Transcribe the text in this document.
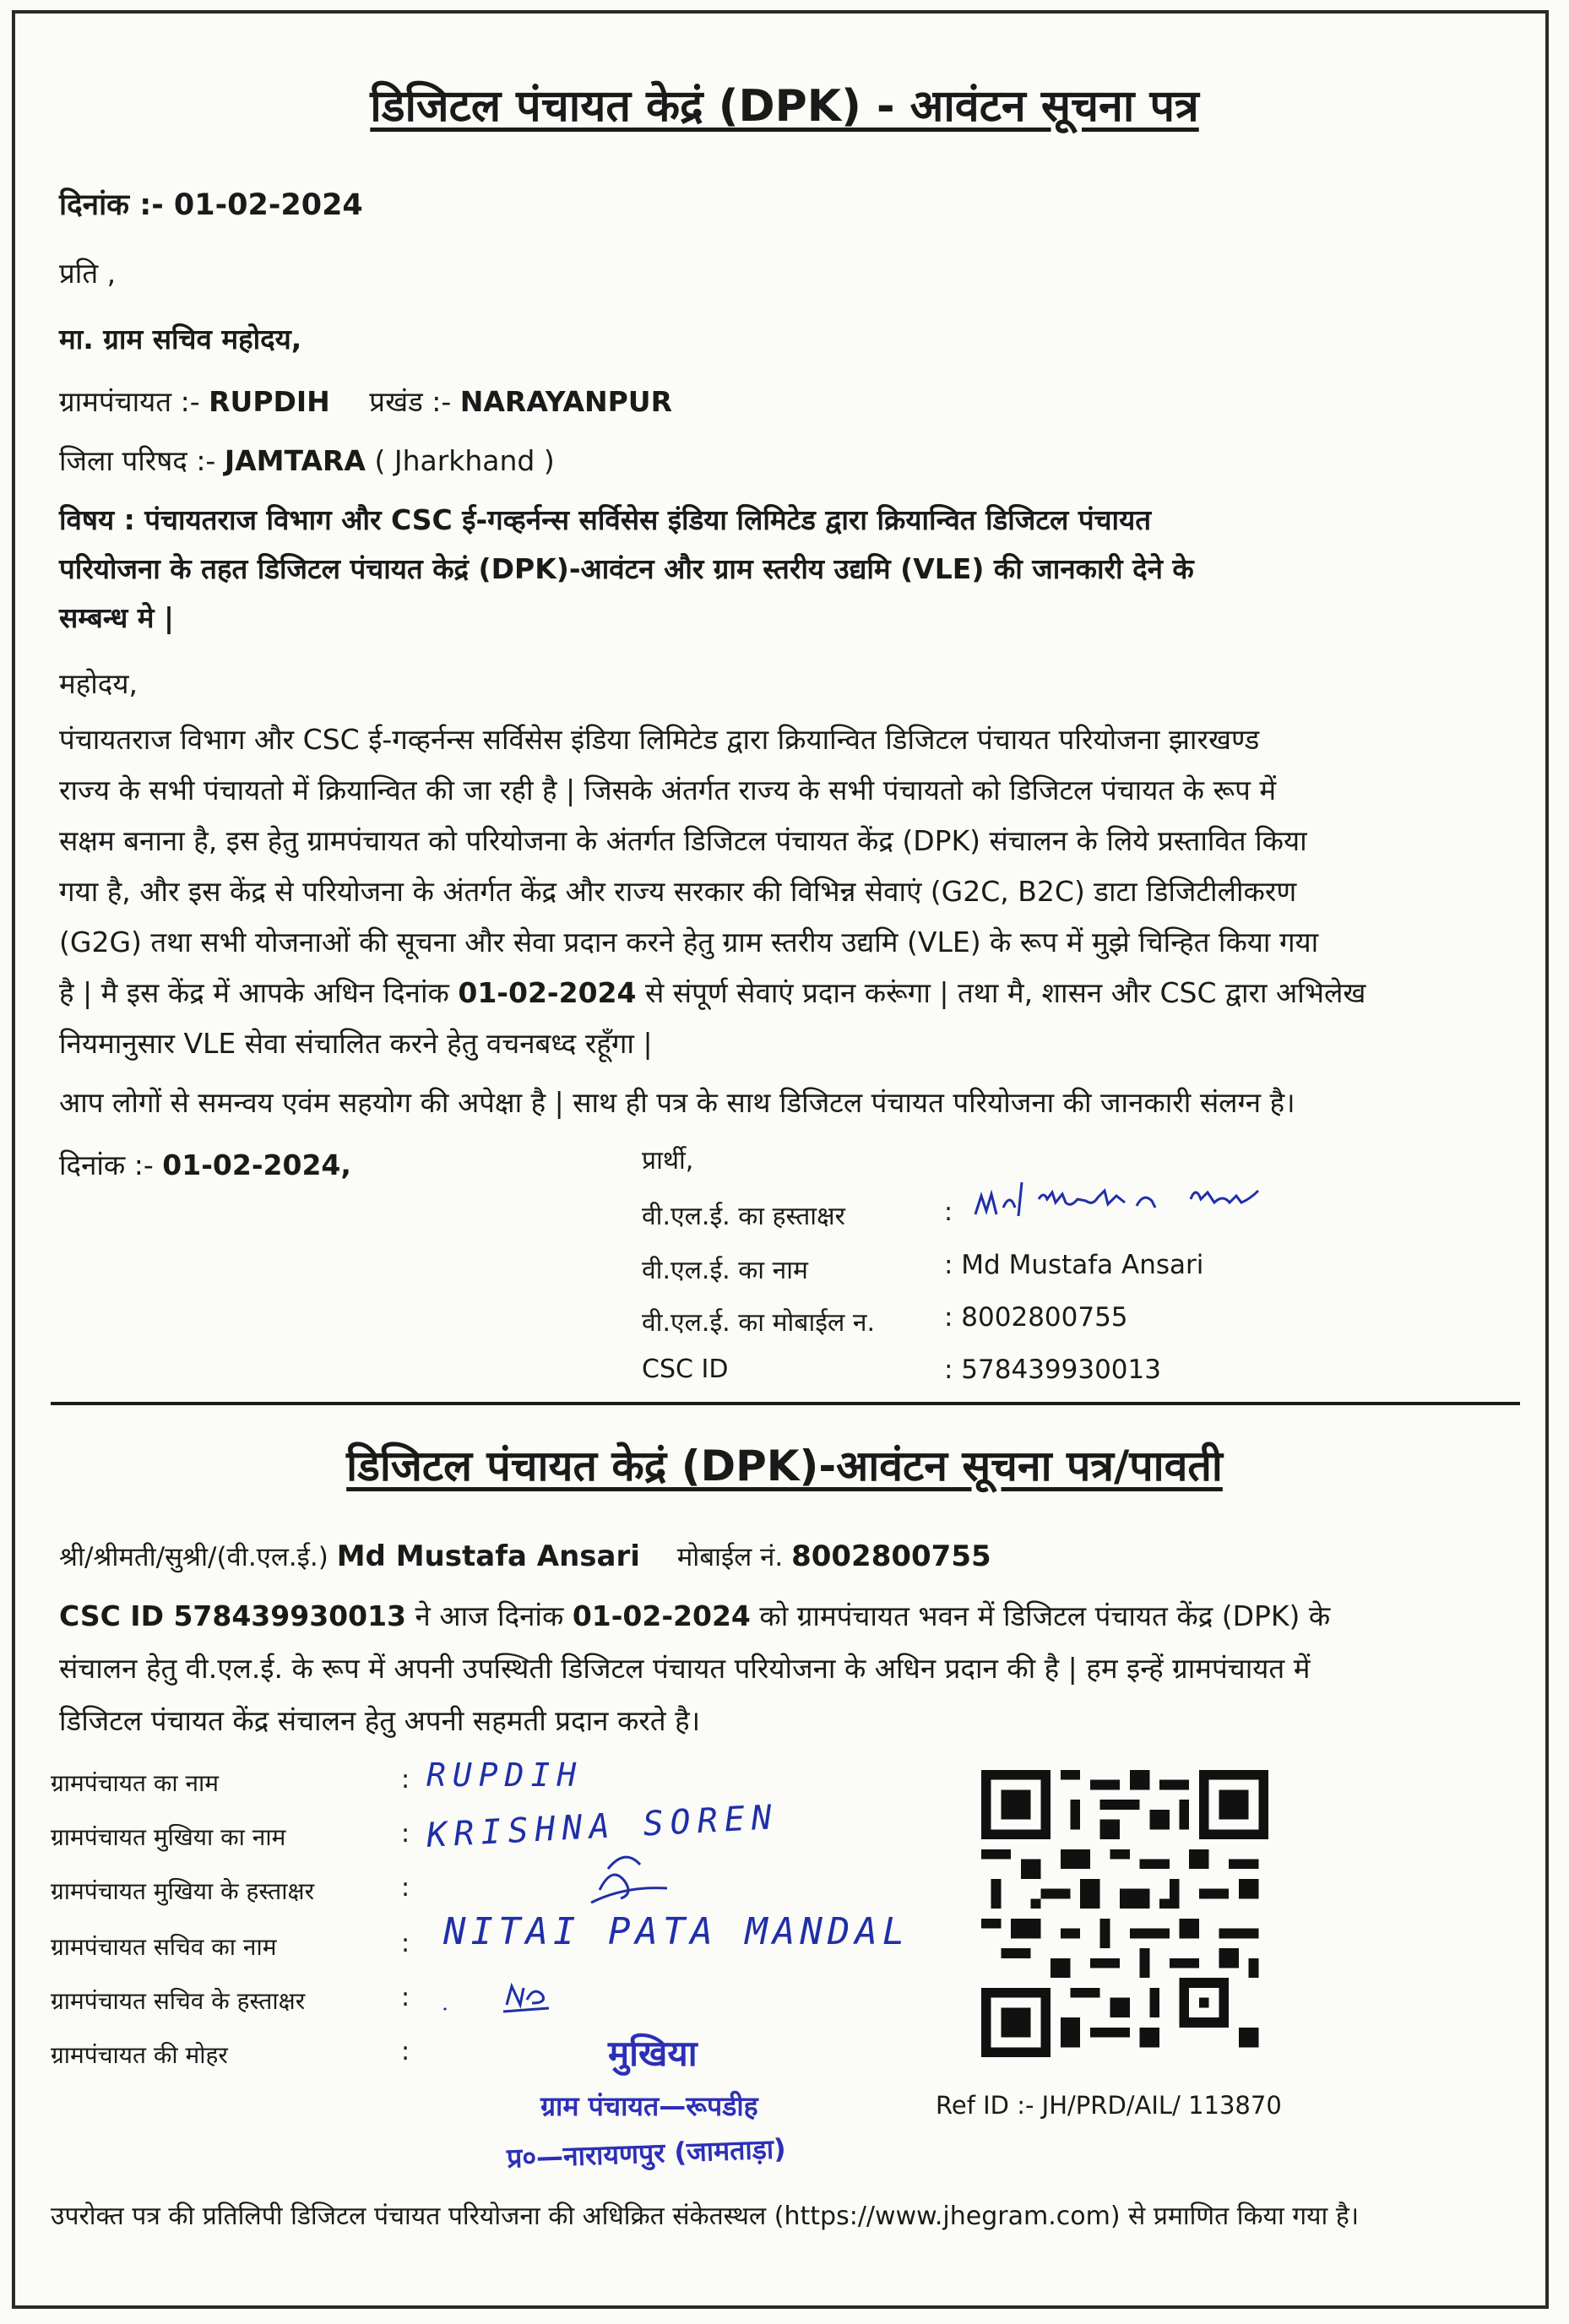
डिजिटल पंचायत केद्रं (DPK) - आवंटन सूचना पत्र
दिनांक :- 01-02-2024
प्रति ,
मा. ग्राम सचिव महोदय,
ग्रामपंचायत :- RUPDIH प्रखंड :- NARAYANPUR
जिला परिषद :- JAMTARA ( Jharkhand )
विषय : पंचायतराज विभाग और CSC ई-गव्हर्नन्स सर्विसेस इंडिया लिमिटेड द्वारा क्रियान्वित डिजिटल पंचायत
परियोजना के तहत डिजिटल पंचायत केद्रं (DPK)-आवंटन और ग्राम स्तरीय उद्यमि (VLE) की जानकारी देने के
सम्बन्ध मे |
महोदय,
पंचायतराज विभाग और CSC ई-गव्हर्नन्स सर्विसेस इंडिया लिमिटेड द्वारा क्रियान्वित डिजिटल पंचायत परियोजना झारखण्ड
राज्य के सभी पंचायतो में क्रियान्वित की जा रही है | जिसके अंतर्गत राज्य के सभी पंचायतो को डिजिटल पंचायत के रूप में
सक्षम बनाना है, इस हेतु ग्रामपंचायत को परियोजना के अंतर्गत डिजिटल पंचायत केंद्र (DPK) संचालन के लिये प्रस्तावित किया
गया है, और इस केंद्र से परियोजना के अंतर्गत केंद्र और राज्य सरकार की विभिन्न सेवाएं (G2C, B2C) डाटा डिजिटीलीकरण
(G2G) तथा सभी योजनाओं की सूचना और सेवा प्रदान करने हेतु ग्राम स्तरीय उद्यमि (VLE) के रूप में मुझे चिन्हित किया गया
है | मै इस केंद्र में आपके अधिन दिनांक 01-02-2024 से संपूर्ण सेवाएं प्रदान करूंगा | तथा मै, शासन और CSC द्वारा अभिलेख
नियमानुसार VLE सेवा संचालित करने हेतु वचनबध्द रहूँगा |
आप लोगों से समन्वय एवंम सहयोग की अपेक्षा है | साथ ही पत्र के साथ डिजिटल पंचायत परियोजना की जानकारी संलग्न है।
दिनांक :- 01-02-2024,	प्रार्थी,
वी.एल.ई. का हस्ताक्षर	:
वी.एल.ई. का नाम	: Md Mustafa Ansari
वी.एल.ई. का मोबाईल न.	: 8002800755
CSC ID	: 578439930013
डिजिटल पंचायत केद्रं (DPK)-आवंटन सूचना पत्र/पावती
श्री/श्रीमती/सुश्री/(वी.एल.ई.) Md Mustafa Ansari मोबाईल नं. 8002800755
CSC ID 578439930013 ने आज दिनांक 01-02-2024 को ग्रामपंचायत भवन में डिजिटल पंचायत केंद्र (DPK) के
संचालन हेतु वी.एल.ई. के रूप में अपनी उपस्थिती डिजिटल पंचायत परियोजना के अधिन प्रदान की है | हम इन्हें ग्रामपंचायत में
डिजिटल पंचायत केंद्र संचालन हेतु अपनी सहमती प्रदान करते है।
ग्रामपंचायत का नाम	: RUPDIH
ग्रामपंचायत मुखिया का नाम	: KRISHNA SOREN
ग्रामपंचायत मुखिया के हस्ताक्षर	:
ग्रामपंचायत सचिव का नाम	: NITAI PATA MANDAL
ग्रामपंचायत सचिव के हस्ताक्षर	:
ग्रामपंचायत की मोहर	:	मुखिया
ग्राम पंचायत—रूपडीह
प्र०—नारायणपुर (जामताड़ा)
Ref ID :- JH/PRD/AIL/ 113870
उपरोक्त पत्र की प्रतिलिपी डिजिटल पंचायत परियोजना की अधिक्रित संकेतस्थल (https://www.jhegram.com) से प्रमाणित किया गया है।
